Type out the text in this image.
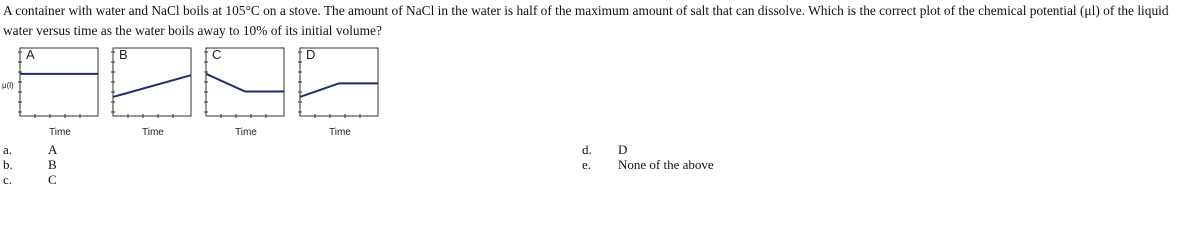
A container with water and NaCl boils at 105°C on a stove. The amount of NaCl in the water is half of the maximum amount of salt that can dissolve. Which is the correct plot of the chemical potential (μl) of the liquid water versus time as the water boils away to 10% of its initial volume?
A
Time
B
Time
C
Time
D
Time
μ(l)
a.	A
b.	B
c.	C
d. D
e. None of the above
